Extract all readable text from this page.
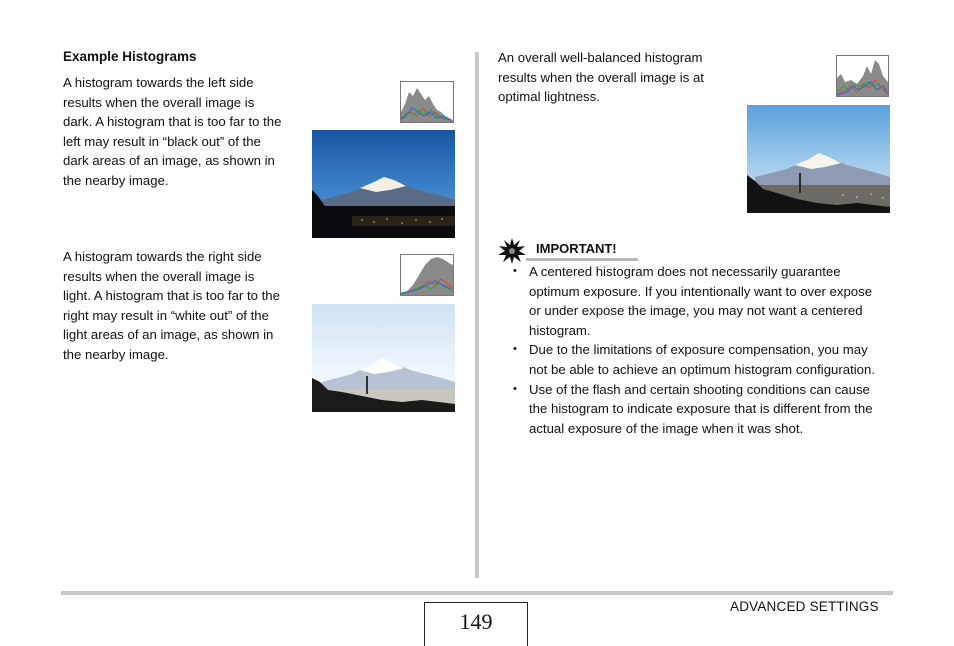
Example Histograms
A histogram towards the left side
results when the overall image is
dark. A histogram that is too far to the
left may result in “black out” of the
dark areas of an image, as shown in
the nearby image.
A histogram towards the right side
results when the overall image is
light. A histogram that is too far to the
right may result in “white out” of the
light areas of an image, as shown in
the nearby image.
An overall well-balanced histogram
results when the overall image is at
optimal lightness.
IMPORTANT!
• A centered histogram does not necessarily guarantee
optimum exposure. If you intentionally want to over expose
or under expose the image, you may not want a centered
histogram.
• Due to the limitations of exposure compensation, you may
not be able to achieve an optimum histogram configuration.
• Use of the flash and certain shooting conditions can cause
the histogram to indicate exposure that is different from the
actual exposure of the image when it was shot.
149
ADVANCED SETTINGS
